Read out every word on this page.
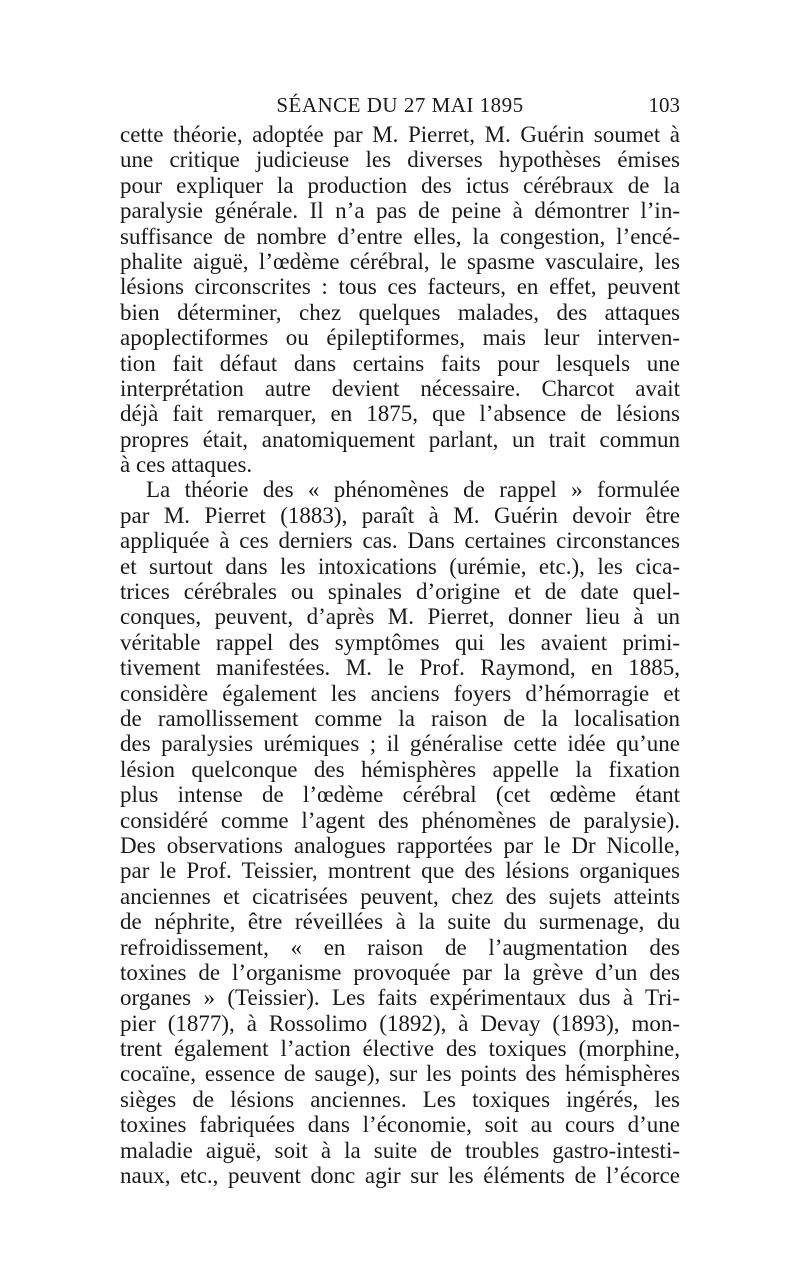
SÉANCE DU 27 MAI 1895	103
cette théorie, adoptée par M. Pierret, M. Guérin soumet à
une critique judicieuse les diverses hypothèses émises
pour expliquer la production des ictus cérébraux de la
paralysie générale. Il n’a pas de peine à démontrer l’in-
suffisance de nombre d’entre elles, la congestion, l’encé-
phalite aiguë, l’œdème cérébral, le spasme vasculaire, les
lésions circonscrites : tous ces facteurs, en effet, peuvent
bien déterminer, chez quelques malades, des attaques
apoplectiformes ou épileptiformes, mais leur interven-
tion fait défaut dans certains faits pour lesquels une
interprétation autre devient nécessaire. Charcot avait
déjà fait remarquer, en 1875, que l’absence de lésions
propres était, anatomiquement parlant, un trait commun
à ces attaques.
La théorie des « phénomènes de rappel » formulée
par M. Pierret (1883), paraît à M. Guérin devoir être
appliquée à ces derniers cas. Dans certaines circonstances
et surtout dans les intoxications (urémie, etc.), les cica-
trices cérébrales ou spinales d’origine et de date quel-
conques, peuvent, d’après M. Pierret, donner lieu à un
véritable rappel des symptômes qui les avaient primi-
tivement manifestées. M. le Prof. Raymond, en 1885,
considère également les anciens foyers d’hémorragie et
de ramollissement comme la raison de la localisation
des paralysies urémiques ; il généralise cette idée qu’une
lésion quelconque des hémisphères appelle la fixation
plus intense de l’œdème cérébral (cet œdème étant
considéré comme l’agent des phénomènes de paralysie).
Des observations analogues rapportées par le Dr Nicolle,
par le Prof. Teissier, montrent que des lésions organiques
anciennes et cicatrisées peuvent, chez des sujets atteints
de néphrite, être réveillées à la suite du surmenage, du
refroidissement, « en raison de l’augmentation des
toxines de l’organisme provoquée par la grève d’un des
organes » (Teissier). Les faits expérimentaux dus à Tri-
pier (1877), à Rossolimo (1892), à Devay (1893), mon-
trent également l’action élective des toxiques (morphine,
cocaïne, essence de sauge), sur les points des hémisphères
sièges de lésions anciennes. Les toxiques ingérés, les
toxines fabriquées dans l’économie, soit au cours d’une
maladie aiguë, soit à la suite de troubles gastro-intesti-
naux, etc., peuvent donc agir sur les éléments de l’écorce
